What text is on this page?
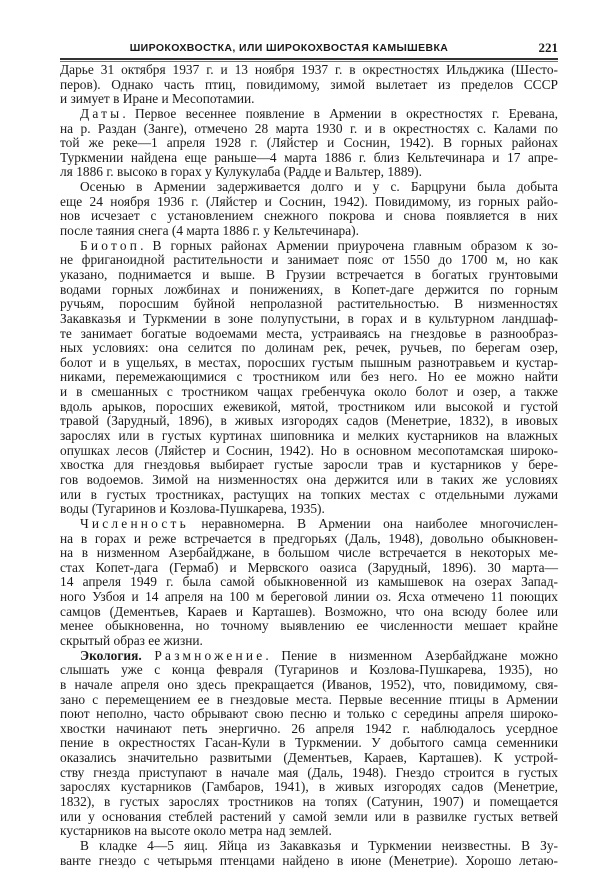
ШИРОКОХВОСТКА, ИЛИ ШИРОКОХВОСТАЯ КАМЫШЕВКА	221
Дарье 31 октября 1937 г. и 13 ноября 1937 г. в окрестностях Ильджика (Шесто-
перов). Однако часть птиц, повидимому, зимой вылетает из пределов СССР
и зимует в Иране и Месопотамии.
Даты. Первое весеннее появление в Армении в окрестностях г. Еревана,
на р. Раздан (Занге), отмечено 28 марта 1930 г. и в окрестностях с. Калами по
той же реке—1 апреля 1928 г. (Ляйстер и Соснин, 1942). В горных районах
Туркмении найдена еще раньше—4 марта 1886 г. близ Кельтечинара и 17 апре-
ля 1886 г. высоко в горах у Кулукулаба (Радде и Вальтер, 1889).
Осенью в Армении задерживается долго и у с. Барцруни была добыта
еще 24 ноября 1936 г. (Ляйстер и Соснин, 1942). Повидимому, из горных райо-
нов исчезает с установлением снежного покрова и снова появляется в них
после таяния снега (4 марта 1886 г. у Кельтечинара).
Биотоп. В горных районах Армении приурочена главным образом к зо-
не фриганоидной растительности и занимает пояс от 1550 до 1700 м, но как
указано, поднимается и выше. В Грузии встречается в богатых грунтовыми
водами горных ложбинах и понижениях, в Копет-даге держится по горным
ручьям, поросшим буйной непролазной растительностью. В низменностях
Закавказья и Туркмении в зоне полупустыни, в горах и в культурном ландшаф-
те занимает богатые водоемами места, устраиваясь на гнездовье в разнообраз-
ных условиях: она селится по долинам рек, речек, ручьев, по берегам озер,
болот и в ущельях, в местах, поросших густым пышным разнотравьем и кустар-
никами, перемежающимися с тростником или без него. Но ее можно найти
и в смешанных с тростником чащах гребенчука около болот и озер, а также
вдоль арыков, поросших ежевикой, мятой, тростником или высокой и густой
травой (Зарудный, 1896), в живых изгородях садов (Менетрие, 1832), в ивовых
зарослях или в густых куртинах шиповника и мелких кустарников на влажных
опушках лесов (Ляйстер и Соснин, 1942). Но в основном месопотамская широко-
хвостка для гнездовья выбирает густые заросли трав и кустарников у бере-
гов водоемов. Зимой на низменностях она держится или в таких же условиях
или в густых тростниках, растущих на топких местах с отдельными лужами
воды (Тугаринов и Козлова-Пушкарева, 1935).
Численность неравномерна. В Армении она наиболее многочислен-
на в горах и реже встречается в предгорьях (Даль, 1948), довольно обыкновен-
на в низменном Азербайджане, в большом числе встречается в некоторых ме-
стах Копет-дага (Гермаб) и Мервского оазиса (Зарудный, 1896). 30 марта—
14 апреля 1949 г. была самой обыкновенной из камышевок на озерах Запад-
ного Узбоя и 14 апреля на 100 м береговой линии оз. Ясха отмечено 11 поющих
самцов (Дементьев, Караев и Карташев). Возможно, что она всюду более или
менее обыкновенна, но точному выявлению ее численности мешает крайне
скрытый образ ее жизни.
Экология. Размножение. Пение в низменном Азербайджане можно
слышать уже с конца февраля (Тугаринов и Козлова-Пушкарева, 1935), но
в начале апреля оно здесь прекращается (Иванов, 1952), что, повидимому, свя-
зано с перемещением ее в гнездовые места. Первые весенние птицы в Армении
поют неполно, часто обрывают свою песню и только с середины апреля широко-
хвостки начинают петь энергично. 26 апреля 1942 г. наблюдалось усердное
пение в окрестностях Гасан-Кули в Туркмении. У добытого самца семенники
оказались значительно развитыми (Дементьев, Караев, Карташев). К устрой-
ству гнезда приступают в начале мая (Даль, 1948). Гнездо строится в густых
зарослях кустарников (Гамбаров, 1941), в живых изгородях садов (Менетрие,
1832), в густых зарослях тростников на топях (Сатунин, 1907) и помещается
или у основания стеблей растений у самой земли или в развилке густых ветвей
кустарников на высоте около метра над землей.
В кладке 4—5 яиц. Яйца из Закавказья и Туркмении неизвестны. В Зу-
ванте гнездо с четырьмя птенцами найдено в июне (Менетрие). Хорошо летаю-
